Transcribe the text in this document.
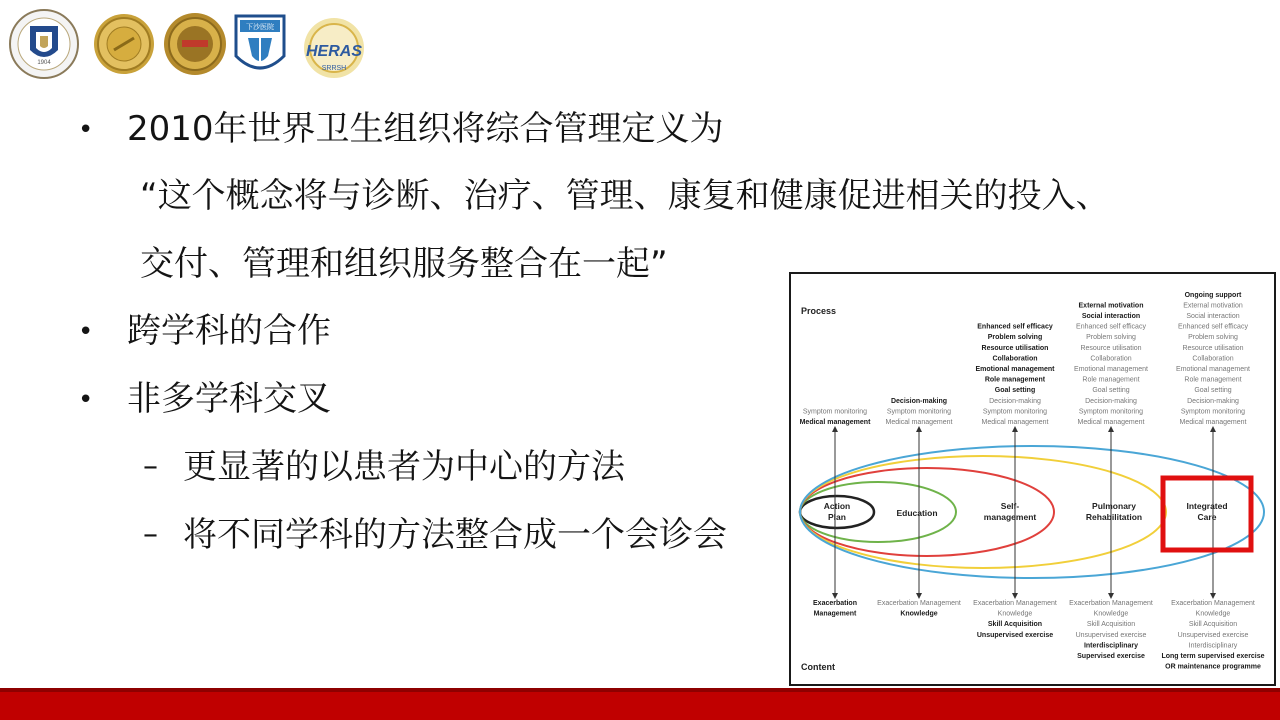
1904
下沙医院
HERAS
SRRSH
• 2010年世界卫生组织将综合管理定义为
“这个概念将与诊断、治疗、管理、康复和健康促进相关的投入、
交付、管理和组织服务整合在一起”
• 跨学科的合作
• 非多学科交叉
– 更显著的以患者为中心的方法
– 将不同学科的方法整合成一个会诊会
Process
Content
Symptom monitoring
Medical management
Decision-making
Symptom monitoring
Medical management
Enhanced self efficacy
Problem solving
Resource utilisation
Collaboration
Emotional management
Role management
Goal setting
Decision-making
Symptom monitoring
Medical management
External motivation
Social interaction
Enhanced self efficacy
Problem solving
Resource utilisation
Collaboration
Emotional management
Role management
Goal setting
Decision-making
Symptom monitoring
Medical management
Ongoing support
External motivation
Social interaction
Enhanced self efficacy
Problem solving
Resource utilisation
Collaboration
Emotional management
Role management
Goal setting
Decision-making
Symptom monitoring
Medical management
Exacerbation
Management
Exacerbation Management
Knowledge
Exacerbation Management
Knowledge
Skill Acquisition
Unsupervised exercise
Exacerbation Management
Knowledge
Skill Acquisition
Unsupervised exercise
Interdisciplinary
Supervised exercise
Exacerbation Management
Knowledge
Skill Acquisition
Unsupervised exercise
Interdisciplinary
Long term supervised exercise
OR maintenance programme
Action
Plan	Education
Self-
management
Pulmonary
Rehabilitation
Integrated
Care
